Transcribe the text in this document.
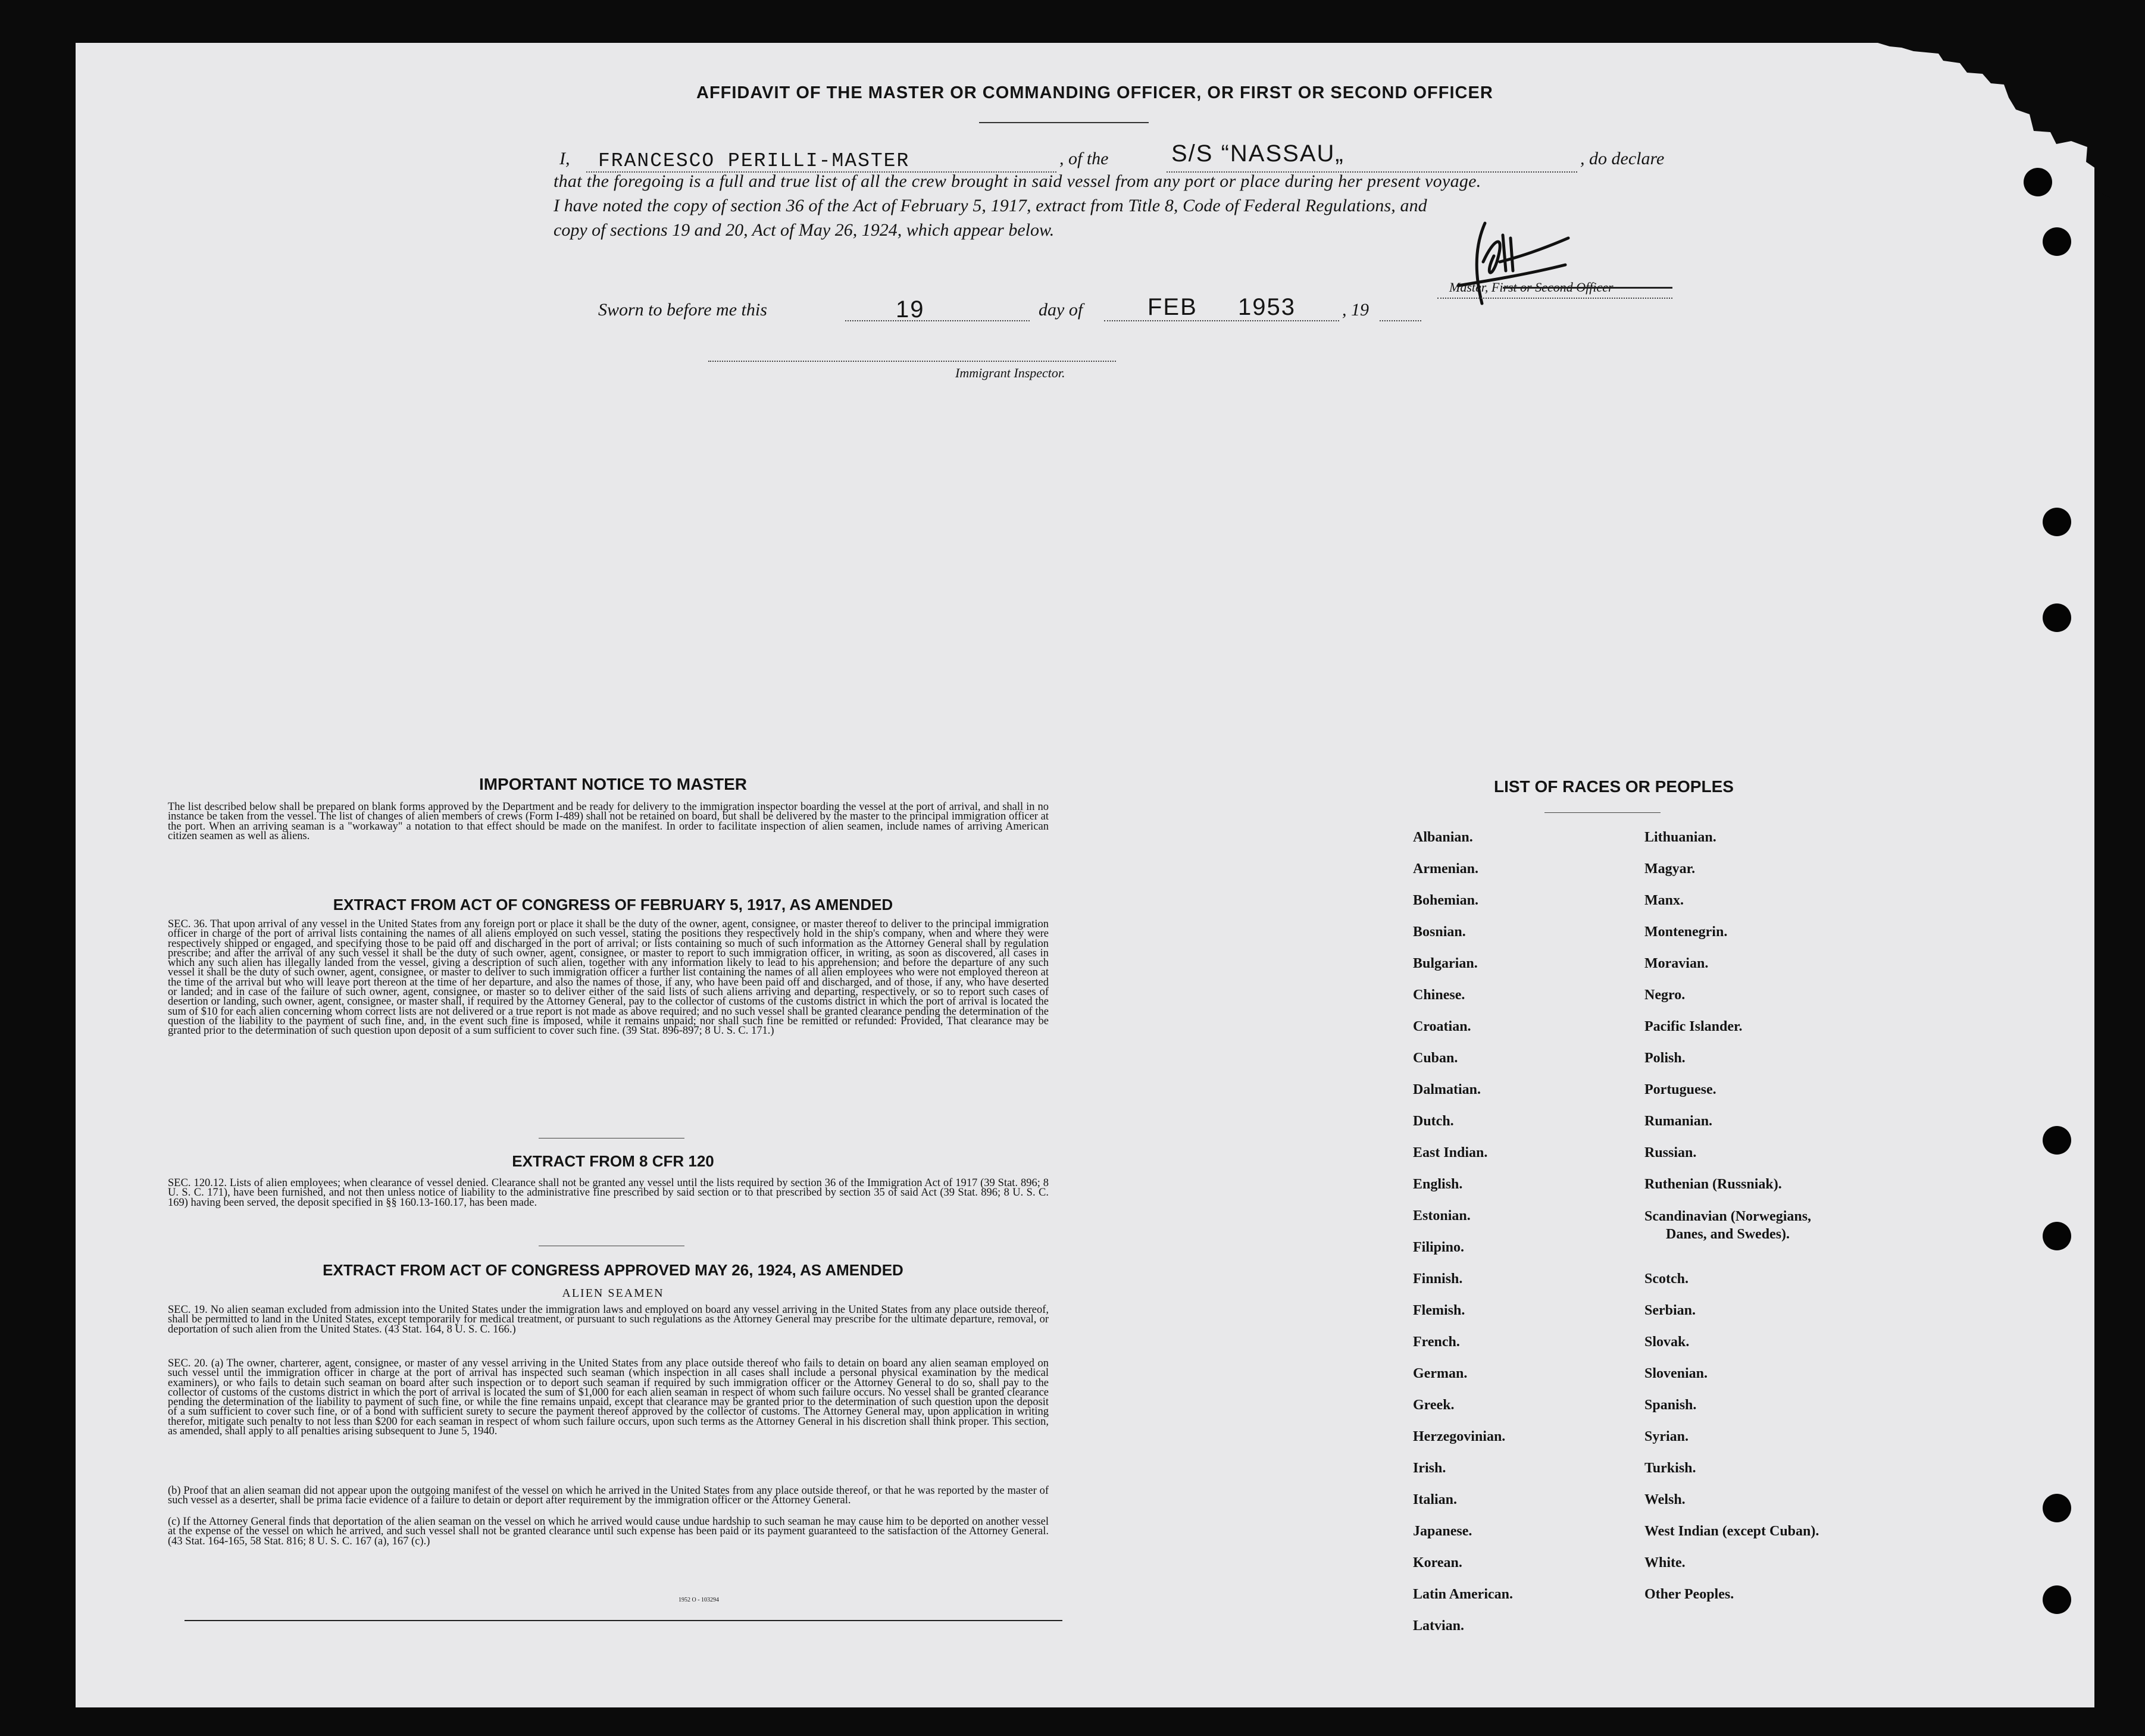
AFFIDAVIT OF THE MASTER OR COMMANDING OFFICER, OR FIRST OR SECOND OFFICER
I, FRANCESCO PERILLI-MASTER	, of the	S/S “NASSAU„	, do declare
that the foregoing is a full and true list of all the crew brought in said vessel from any port or place during her present voyage.
I have noted the copy of section 36 of the Act of February 5, 1917, extract from Title 8, Code of Federal Regulations, and
copy of sections 19 and 20, Act of May 26, 1924, which appear below.
Master, First or Second Officer
Sworn to before me this	19	day of	FEB 1953	, 19
Immigrant Inspector.
IMPORTANT NOTICE TO MASTER

The list described below shall be prepared on blank forms approved by the Department and be ready for delivery to the immigration inspector boarding the vessel at the port of arrival, and shall in no instance be taken from the vessel. The list of changes of alien members of crews (Form I-489) shall not be retained on board, but shall be delivered by the master to the principal immigration officer at the port. When an arriving seaman is a "workaway" a notation to that effect should be made on the manifest. In order to facilitate inspection of alien seamen, include names of arriving American citizen seamen as well as aliens.

EXTRACT FROM ACT OF CONGRESS OF FEBRUARY 5, 1917, AS AMENDED

SEC. 36. That upon arrival of any vessel in the United States from any foreign port or place it shall be the duty of the owner, agent, consignee, or master thereof to deliver to the principal immigration officer in charge of the port of arrival lists containing the names of all aliens employed on such vessel, stating the positions they respectively hold in the ship's company, when and where they were respectively shipped or engaged, and specifying those to be paid off and discharged in the port of arrival; or lists containing so much of such information as the Attorney General shall by regulation prescribe; and after the arrival of any such vessel it shall be the duty of such owner, agent, consignee, or master to report to such immigration officer, in writing, as soon as discovered, all cases in which any such alien has illegally landed from the vessel, giving a description of such alien, together with any information likely to lead to his apprehension; and before the departure of any such vessel it shall be the duty of such owner, agent, consignee, or master to deliver to such immigration officer a further list containing the names of all alien employees who were not employed thereon at the time of the arrival but who will leave port thereon at the time of her departure, and also the names of those, if any, who have been paid off and discharged, and of those, if any, who have deserted or landed; and in case of the failure of such owner, agent, consignee, or master so to deliver either of the said lists of such aliens arriving and departing, respectively, or so to report such cases of desertion or landing, such owner, agent, consignee, or master shall, if required by the Attorney General, pay to the collector of customs of the customs district in which the port of arrival is located the sum of $10 for each alien concerning whom correct lists are not delivered or a true report is not made as above required; and no such vessel shall be granted clearance pending the determination of the question of the liability to the payment of such fine, and, in the event such fine is imposed, while it remains unpaid; nor shall such fine be remitted or refunded: Provided, That clearance may be granted prior to the determination of such question upon deposit of a sum sufficient to cover such fine. (39 Stat. 896-897; 8 U. S. C. 171.)

EXTRACT FROM 8 CFR 120

SEC. 120.12. Lists of alien employees; when clearance of vessel denied. Clearance shall not be granted any vessel until the lists required by section 36 of the Immigration Act of 1917 (39 Stat. 896; 8 U. S. C. 171), have been furnished, and not then unless notice of liability to the administrative fine prescribed by said section or to that prescribed by section 35 of said Act (39 Stat. 896; 8 U. S. C. 169) having been served, the deposit specified in §§ 160.13-160.17, has been made.

EXTRACT FROM ACT OF CONGRESS APPROVED MAY 26, 1924, AS AMENDED
ALIEN SEAMEN

SEC. 19. No alien seaman excluded from admission into the United States under the immigration laws and employed on board any vessel arriving in the United States from any place outside thereof, shall be permitted to land in the United States, except temporarily for medical treatment, or pursuant to such regulations as the Attorney General may prescribe for the ultimate departure, removal, or deportation of such alien from the United States. (43 Stat. 164, 8 U. S. C. 166.)

SEC. 20. (a) The owner, charterer, agent, consignee, or master of any vessel arriving in the United States from any place outside thereof who fails to detain on board any alien seaman employed on such vessel until the immigration officer in charge at the port of arrival has inspected such seaman (which inspection in all cases shall include a personal physical examination by the medical examiners), or who fails to detain such seaman on board after such inspection or to deport such seaman if required by such immigration officer or the Attorney General to do so, shall pay to the collector of customs of the customs district in which the port of arrival is located the sum of $1,000 for each alien seaman in respect of whom such failure occurs. No vessel shall be granted clearance pending the determination of the liability to payment of such fine, or while the fine remains unpaid, except that clearance may be granted prior to the determination of such question upon the deposit of a sum sufficient to cover such fine, or of a bond with sufficient surety to secure the payment thereof approved by the collector of customs. The Attorney General may, upon application in writing therefor, mitigate such penalty to not less than $200 for each seaman in respect of whom such failure occurs, upon such terms as the Attorney General in his discretion shall think proper. This section, as amended, shall apply to all penalties arising subsequent to June 5, 1940.

(b) Proof that an alien seaman did not appear upon the outgoing manifest of the vessel on which he arrived in the United States from any place outside thereof, or that he was reported by the master of such vessel as a deserter, shall be prima facie evidence of a failure to detain or deport after requirement by the immigration officer or the Attorney General.

(c) If the Attorney General finds that deportation of the alien seaman on the vessel on which he arrived would cause undue hardship to such seaman he may cause him to be deported on another vessel at the expense of the vessel on which he arrived, and such vessel shall not be granted clearance until such expense has been paid or its payment guaranteed to the satisfaction of the Attorney General. (43 Stat. 164-165, 58 Stat. 816; 8 U. S. C. 167 (a), 167 (c).)

1952 O - 103294
LIST OF RACES OR PEOPLES
Albanian.
Armenian.
Bohemian.
Bosnian.
Bulgarian.
Chinese.
Croatian.
Cuban.
Dalmatian.
Dutch.
East Indian.
English.
Estonian.
Filipino.
Finnish.
Flemish.
French.
German.
Greek.
Herzegovinian.
Irish.
Italian.
Japanese.
Korean.
Latin American.
Latvian.
Lithuanian.
Magyar.
Manx.
Montenegrin.
Moravian.
Negro.
Pacific Islander.
Polish.
Portuguese.
Rumanian.
Russian.
Ruthenian (Russniak).
Scandinavian (Norwegians,
Danes, and Swedes).
Scotch.
Serbian.
Slovak.
Slovenian.
Spanish.
Syrian.
Turkish.
Welsh.
West Indian (except Cuban).
White.
Other Peoples.
